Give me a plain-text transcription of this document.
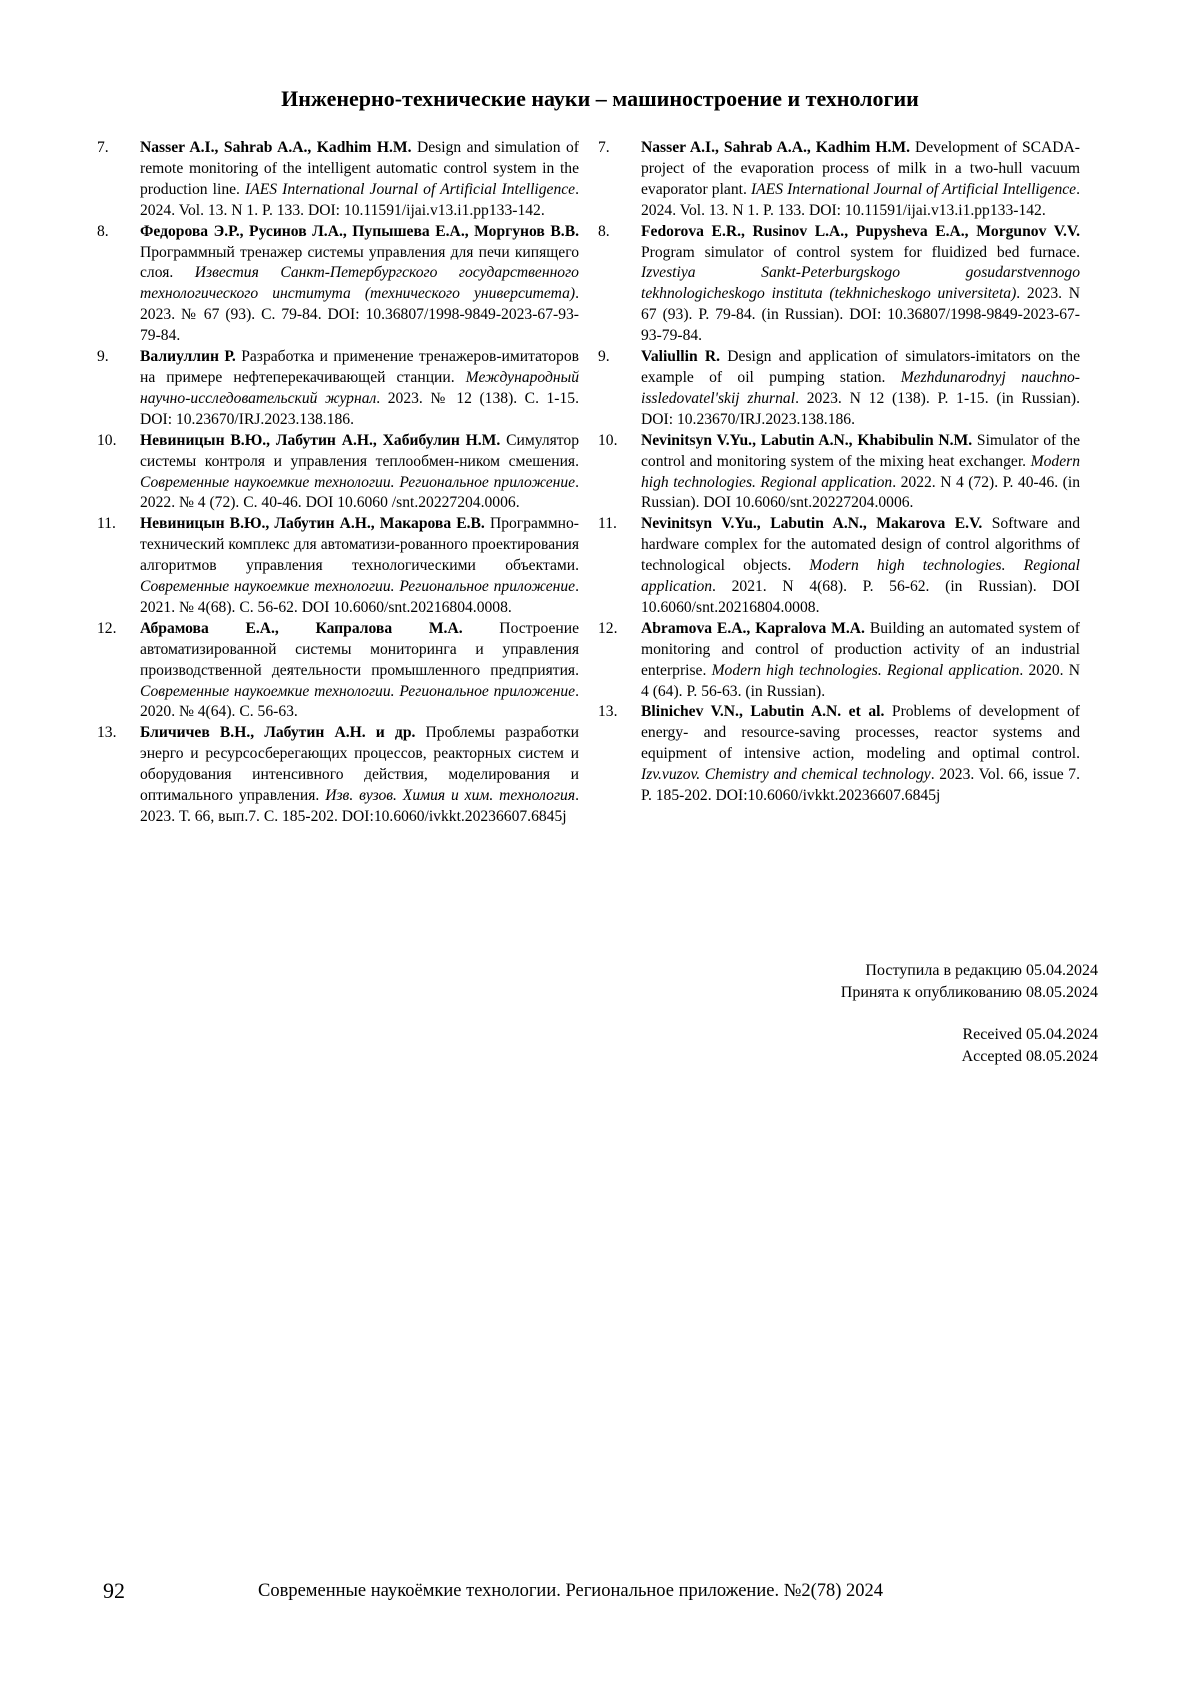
Инженерно-технические науки – машиностроение и технологии

7. Nasser A.I., Sahrab A.A., Kadhim H.M. Design and simulation of remote monitoring of the intelligent automatic control system in the production line. IAES International Journal of Artificial Intelligence. 2024. Vol. 13. N 1. P. 133. DOI: 10.11591/ijai.v13.i1.pp133-142.

8. Федорова Э.Р., Русинов Л.А., Пупышева Е.А., Моргунов В.В. Программный тренажер системы управления для печи кипящего слоя. Известия Санкт-Петербургского государственного технологического института (технического университета). 2023. № 67 (93). С. 79-84. DOI: 10.36807/1998-9849-2023-67-93-79-84.

9. Валиуллин Р. Разработка и применение тренажеров-имитаторов на примере нефтеперекачивающей станции. Международный научно-исследовательский журнал. 2023. № 12 (138). С. 1-15. DOI: 10.23670/IRJ.2023.138.186.

10. Невиницын В.Ю., Лабутин А.Н., Хабибулин Н.М. Симулятор системы контроля и управления теплообмен-ником смешения. Современные наукоемкие технологии. Региональное приложение. 2022. № 4 (72). С. 40-46. DOI 10.6060 /snt.20227204.0006.

11. Невиницын В.Ю., Лабутин А.Н., Макарова Е.В. Программно-технический комплекс для автоматизи-рованного проектирования алгоритмов управления технологическими объектами. Современные наукоемкие технологии. Региональное приложение. 2021. № 4(68). С. 56-62. DOI 10.6060/snt.20216804.0008.

12. Абрамова Е.А., Капралова М.А. Построение автоматизированной системы мониторинга и управления производственной деятельности промышленного предприятия. Современные наукоемкие технологии. Региональное приложение. 2020. № 4(64). С. 56-63.

13. Бличичев В.Н., Лабутин А.Н. и др. Проблемы разработки энерго и ресурсосберегающих процессов, реакторных систем и оборудования интенсивного действия, моделирования и оптимального управления. Изв. вузов. Химия и хим. технология. 2023. Т. 66, вып.7. С. 185-202. DOI:10.6060/ivkkt.20236607.6845j

7. Nasser A.I., Sahrab A.A., Kadhim H.M. Development of SCADA-project of the evaporation process of milk in a two-hull vacuum evaporator plant. IAES International Journal of Artificial Intelligence. 2024. Vol. 13. N 1. P. 133. DOI: 10.11591/ijai.v13.i1.pp133-142.

8. Fedorova E.R., Rusinov L.A., Pupysheva E.A., Morgunov V.V. Program simulator of control system for fluidized bed furnace. Izvestiya Sankt-Peterburgskogo gosudarstvennogo tekhnologicheskogo instituta (tekhnicheskogo universiteta). 2023. N 67 (93). P. 79-84. (in Russian). DOI: 10.36807/1998-9849-2023-67-93-79-84.

9. Valiullin R. Design and application of simulators-imitators on the example of oil pumping station. Mezhdunarodnyj nauchno-issledovatel'skij zhurnal. 2023. N 12 (138). P. 1-15. (in Russian). DOI: 10.23670/IRJ.2023.138.186.

10. Nevinitsyn V.Yu., Labutin A.N., Khabibulin N.M. Simulator of the control and monitoring system of the mixing heat exchanger. Modern high technologies. Regional application. 2022. N 4 (72). P. 40-46. (in Russian). DOI 10.6060/snt.20227204.0006.

11. Nevinitsyn V.Yu., Labutin A.N., Makarova E.V. Software and hardware complex for the automated design of control algorithms of technological objects. Modern high technologies. Regional application. 2021. N 4(68). P. 56-62. (in Russian). DOI 10.6060/snt.20216804.0008.

12. Abramova E.A., Kapralova M.A. Building an automated system of monitoring and control of production activity of an industrial enterprise. Modern high technologies. Regional application. 2020. N 4 (64). P. 56-63. (in Russian).

13. Blinichev V.N., Labutin A.N. et al. Problems of development of energy- and resource-saving processes, reactor systems and equipment of intensive action, modeling and optimal control. Izv.vuzov. Chemistry and chemical technology. 2023. Vol. 66, issue 7. P. 185-202. DOI:10.6060/ivkkt.20236607.6845j

Поступила в редакцию 05.04.2024
Принята к опубликованию 08.05.2024
Received 05.04.2024
Accepted 08.05.2024
92	Современные наукоёмкие технологии. Региональное приложение. №2(78) 2024
